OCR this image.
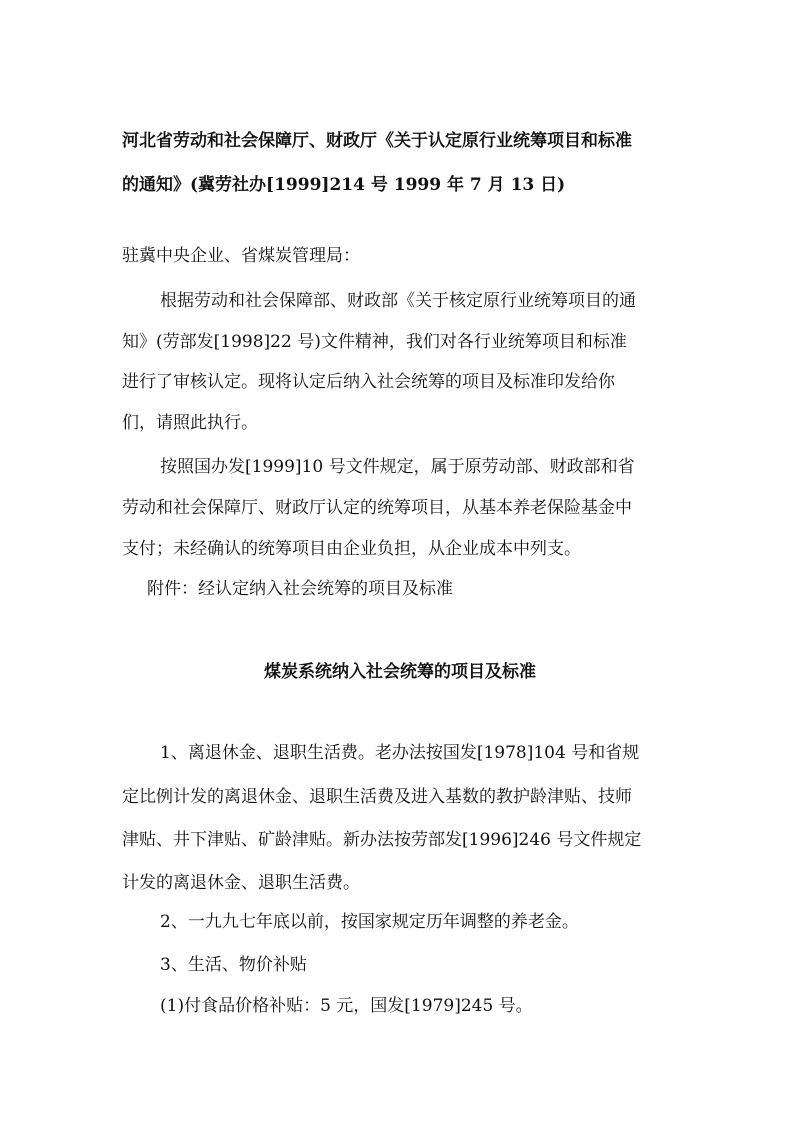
河北省劳动和社会保障厅、财政厅《关于认定原行业统筹项目和标准

的通知》(冀劳社办[1999]214 号 1999 年 7 月 13 日)

驻冀中央企业、省煤炭管理局：

根据劳动和社会保障部、财政部《关于核定原行业统筹项目的通

知》(劳部发[1998]22 号)文件精神，我们对各行业统筹项目和标准

进行了审核认定。现将认定后纳入社会统筹的项目及标准印发给你

们，请照此执行。

按照国办发[1999]10 号文件规定，属于原劳动部、财政部和省

劳动和社会保障厅、财政厅认定的统筹项目，从基本养老保险基金中

支付；未经确认的统筹项目由企业负担，从企业成本中列支。

附件：经认定纳入社会统筹的项目及标准

煤炭系统纳入社会统筹的项目及标准

1、离退休金、退职生活费。老办法按国发[1978]104 号和省规

定比例计发的离退休金、退职生活费及进入基数的教护龄津贴、技师

津贴、井下津贴、矿龄津贴。新办法按劳部发[1996]246 号文件规定

计发的离退休金、退职生活费。

2、一九九七年底以前，按国家规定历年调整的养老金。

3、生活、物价补贴

(1)付食品价格补贴：5 元，国发[1979]245 号。
